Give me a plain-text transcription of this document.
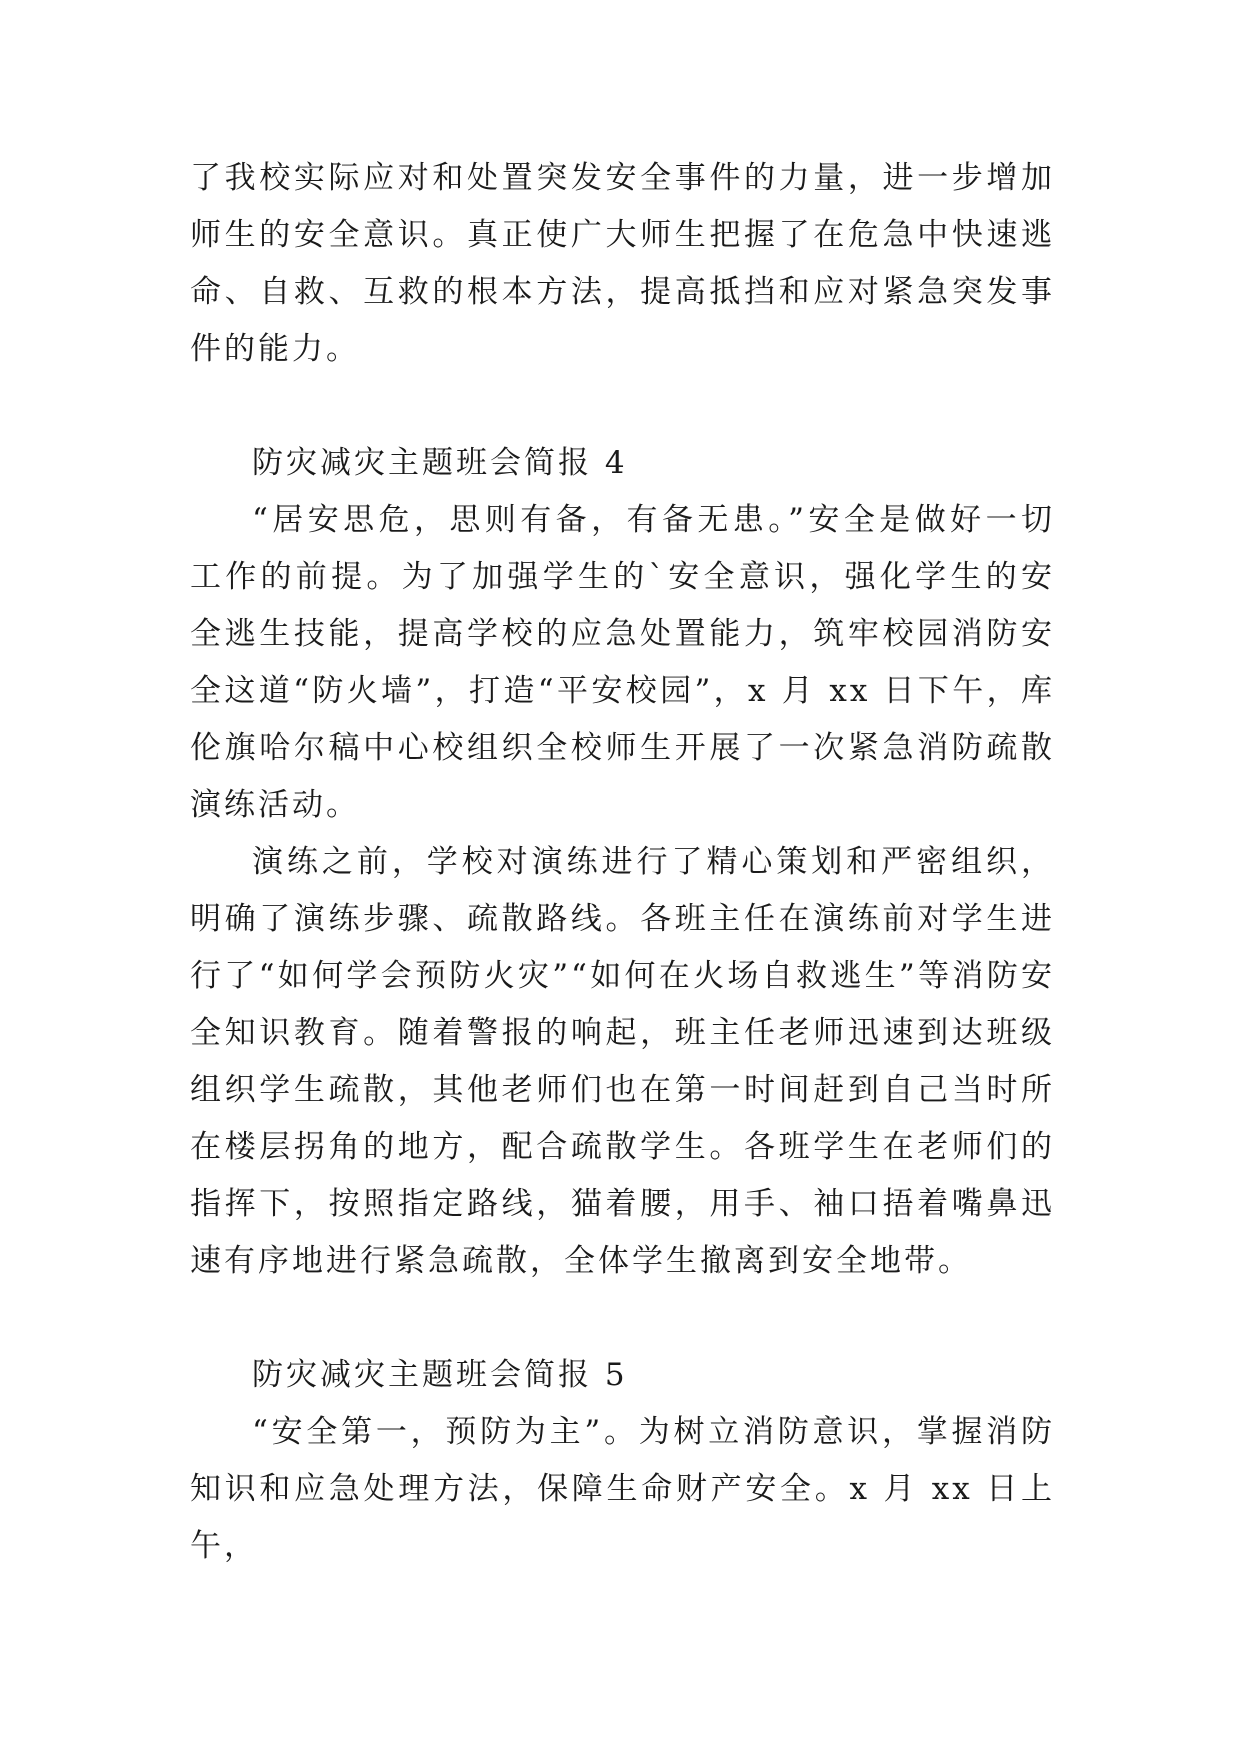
了我校实际应对和处置突发安全事件的力量，进一步增加师生的安全意识。真正使广大师生把握了在危急中快速逃命、自救、互救的根本方法，提高抵挡和应对紧急突发事件的能力。

防灾减灾主题班会简报 4

“居安思危，思则有备，有备无患。”安全是做好一切工作的前提。为了加强学生的`安全意识，强化学生的安全逃生技能，提高学校的应急处置能力，筑牢校园消防安全这道“防火墙”，打造“平安校园”，x 月 xx 日下午，库伦旗哈尔稿中心校组织全校师生开展了一次紧急消防疏散演练活动。

演练之前，学校对演练进行了精心策划和严密组织，明确了演练步骤、疏散路线。各班主任在演练前对学生进行了“如何学会预防火灾”“如何在火场自救逃生”等消防安全知识教育。随着警报的响起，班主任老师迅速到达班级组织学生疏散，其他老师们也在第一时间赶到自己当时所在楼层拐角的地方，配合疏散学生。各班学生在老师们的指挥下，按照指定路线，猫着腰，用手、袖口捂着嘴鼻迅速有序地进行紧急疏散，全体学生撤离到安全地带。

防灾减灾主题班会简报 5

“安全第一，预防为主”。为树立消防意识，掌握消防知识和应急处理方法，保障生命财产安全。x 月 xx 日上午，
